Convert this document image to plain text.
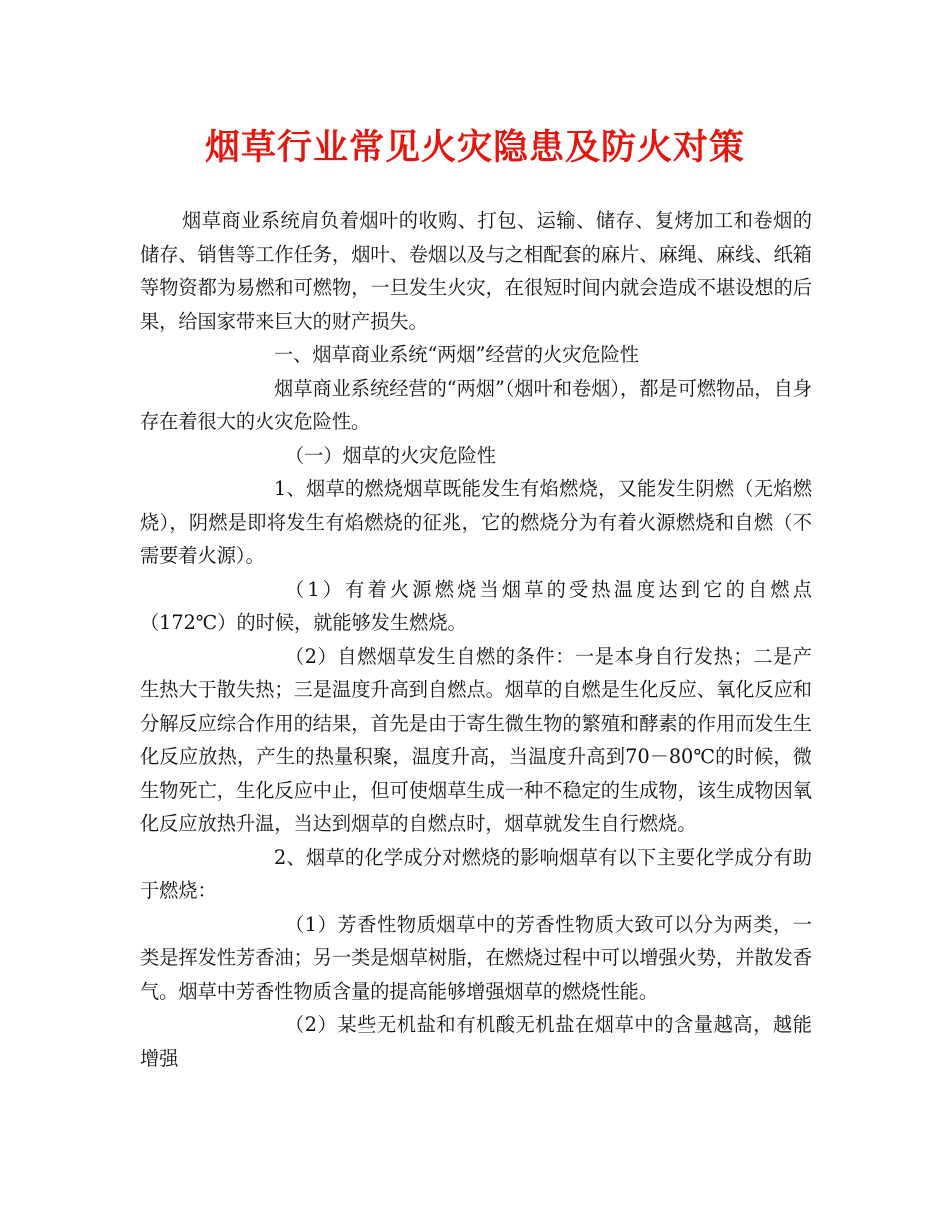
烟草行业常见火灾隐患及防火对策

烟草商业系统肩负着烟叶的收购、打包、运输、储存、复烤加工和卷烟的储存、销售等工作任务，烟叶、卷烟以及与之相配套的麻片、麻绳、麻线、纸箱等物资都为易燃和可燃物，一旦发生火灾，在很短时间内就会造成不堪设想的后果，给国家带来巨大的财产损失。

一、烟草商业系统“两烟”经营的火灾危险性

烟草商业系统经营的“两烟”（烟叶和卷烟），都是可燃物品，自身存在着很大的火灾危险性。

（一）烟草的火灾危险性

1、烟草的燃烧烟草既能发生有焰燃烧，又能发生阴燃（无焰燃烧），阴燃是即将发生有焰燃烧的征兆，它的燃烧分为有着火源燃烧和自燃（不需要着火源）。

（1）有着火源燃烧当烟草的受热温度达到它的自燃点（172℃）的时候，就能够发生燃烧。

（2）自燃烟草发生自燃的条件：一是本身自行发热；二是产生热大于散失热；三是温度升高到自燃点。烟草的自燃是生化反应、氧化反应和分解反应综合作用的结果，首先是由于寄生微生物的繁殖和酵素的作用而发生生化反应放热，产生的热量积聚，温度升高，当温度升高到70－80℃的时候，微生物死亡，生化反应中止，但可使烟草生成一种不稳定的生成物，该生成物因氧化反应放热升温，当达到烟草的自燃点时，烟草就发生自行燃烧。

2、烟草的化学成分对燃烧的影响烟草有以下主要化学成分有助于燃烧：

（1）芳香性物质烟草中的芳香性物质大致可以分为两类，一类是挥发性芳香油；另一类是烟草树脂，在燃烧过程中可以增强火势，并散发香气。烟草中芳香性物质含量的提高能够增强烟草的燃烧性能。

（2）某些无机盐和有机酸无机盐在烟草中的含量越高，越能增强
